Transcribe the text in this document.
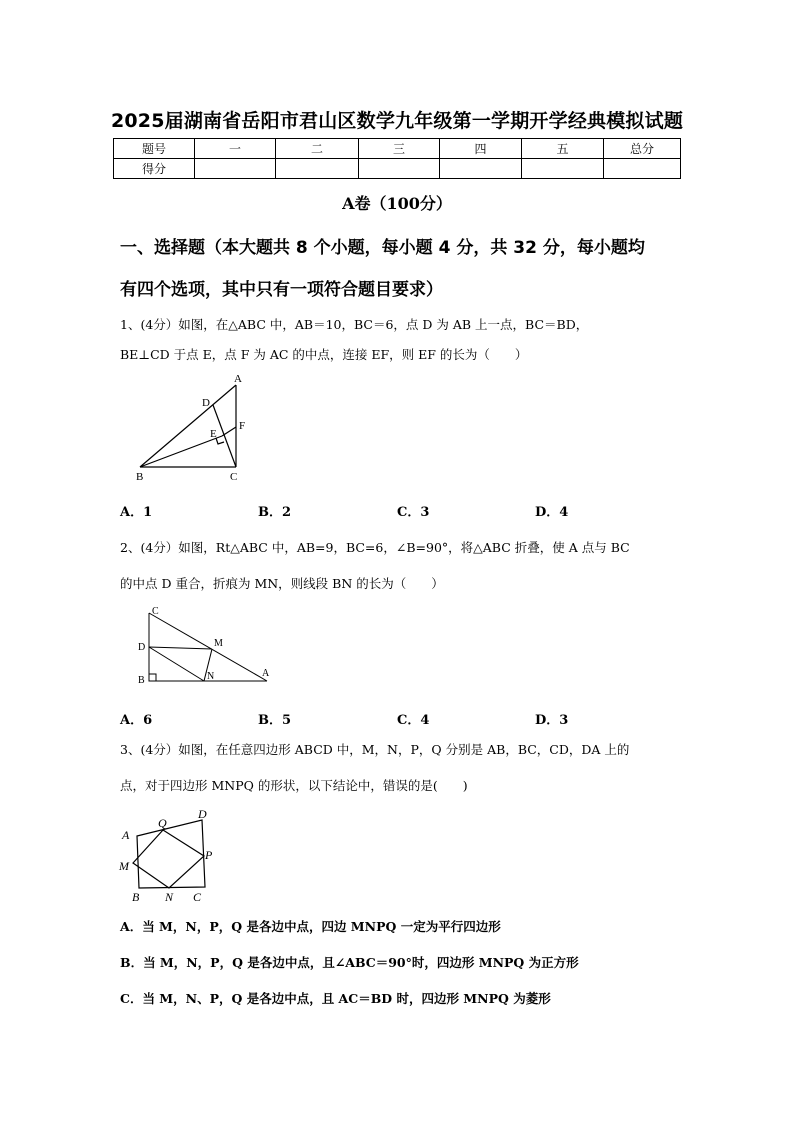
2025届湖南省岳阳市君山区数学九年级第一学期开学经典模拟试题
题号	一	二	三	四	五	总分
得分						
A卷（100分）
一、选择题（本大题共 8 个小题，每小题 4 分，共 32 分，每小题均
有四个选项，其中只有一项符合题目要求）
1、(4分）如图，在△ABC 中，AB＝10，BC＝6，点 D 为 AB 上一点，BC＝BD，
BE⊥CD 于点 E，点 F 为 AC 的中点，连接 EF，则 EF 的长为（　　）
A
D
F
E
B	C
A．1	B．2	C．3	D．4
2、(4分）如图，Rt△ABC 中，AB=9，BC=6，∠B=90°，将△ABC 折叠，使 A 点与 BC
的中点 D 重合，折痕为 MN，则线段 BN 的长为（　　）
C
D	M
B	N	A
A．6	B．5	C．4	D．3
3、(4分）如图，在任意四边形 ABCD 中，M，N，P，Q 分别是 AB，BC，CD，DA 上的
点，对于四边形 MNPQ 的形状，以下结论中，错误的是(　　)
A
Q
D
M
P
B N C
A．当 M，N，P，Q 是各边中点，四边 MNPQ 一定为平行四边形
B．当 M，N，P，Q 是各边中点，且∠ABC＝90°时，四边形 MNPQ 为正方形
C．当 M，N、P，Q 是各边中点，且 AC＝BD 时，四边形 MNPQ 为菱形
